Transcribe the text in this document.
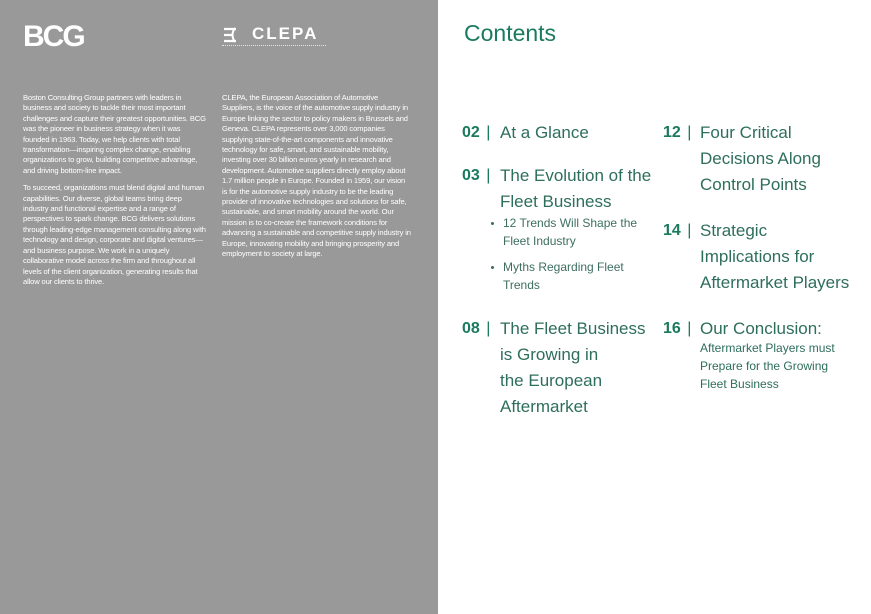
BCG	CLEPA

Boston Consulting Group partners with leaders in business and society to tackle their most important challenges and capture their greatest opportunities. BCG was the pioneer in business strategy when it was founded in 1963. Today, we help clients with total transformation—inspiring complex change, enabling organizations to grow, building competitive advantage, and driving bottom-line impact.

To succeed, organizations must blend digital and human capabilities. Our diverse, global teams bring deep industry and functional expertise and a range of perspectives to spark change. BCG delivers solutions through leading-edge management consulting along with technology and design, corporate and digital ventures—and business purpose. We work in a uniquely collaborative model across the firm and throughout all levels of the client organization, generating results that allow our clients to thrive.

CLEPA, the European Association of Automotive Suppliers, is the voice of the automotive supply industry in Europe linking the sector to policy makers in Brussels and Geneva. CLEPA represents over 3,000 companies supplying state-of-the-art components and innovative technology for safe, smart, and sustainable mobility, investing over 30 billion euros yearly in research and development. Automotive suppliers directly employ about 1.7 million people in Europe. Founded in 1959, our vision is for the automotive supply industry to be the leading provider of innovative technologies and solutions for safe, sustainable, and smart mobility around the world. Our mission is to co-create the framework conditions for advancing a sustainable and competitive supply industry in Europe, innovating mobility and bringing prosperity and employment to society at large.

Contents
02 | At a Glance
03 | The Evolution of the
Fleet Business
12 Trends Will Shape the
Fleet Industry
Myths Regarding Fleet
Trends
08 | The Fleet Business
is Growing in
the European
Aftermarket
12 | Four Critical
Decisions Along
Control Points
14 | Strategic
Implications for
Aftermarket Players
16 | Our Conclusion:
Aftermarket Players must
Prepare for the Growing
Fleet Business
